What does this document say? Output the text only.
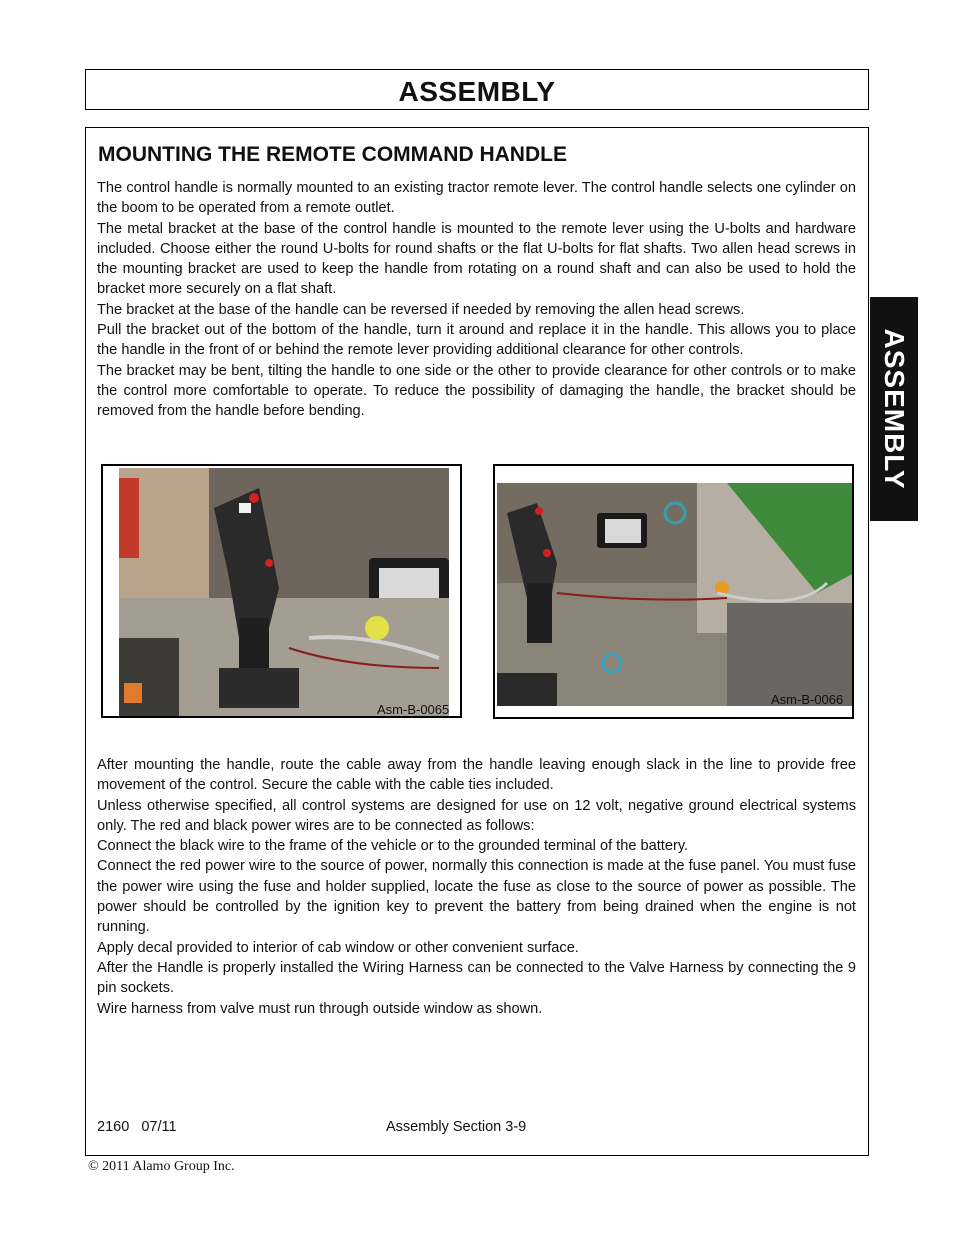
ASSEMBLY
ASSEMBLY
MOUNTING THE REMOTE COMMAND HANDLE

The control handle is normally mounted to an existing tractor remote lever. The control handle selects one cylinder on the boom to be operated from a remote outlet.

The metal bracket at the base of the control handle is mounted to the remote lever using the U-bolts and hardware included. Choose either the round U-bolts for round shafts or the flat U-bolts for flat shafts. Two allen head screws in the mounting bracket are used to keep the handle from rotating on a round shaft and can also be used to hold the bracket more securely on a flat shaft.

The bracket at the base of the handle can be reversed if needed by removing the allen head screws.

Pull the bracket out of the bottom of the handle, turn it around and replace it in the handle. This allows you to place the handle in the front of or behind the remote lever providing additional clearance for other controls.

The bracket may be bent, tilting the handle to one side or the other to provide clearance for other controls or to make the control more comfortable to operate. To reduce the possibility of damaging the handle, the bracket should be removed from the handle before bending.

Asm-B-0065
Asm-B-0066

After mounting the handle, route the cable away from the handle leaving enough slack in the line to provide free movement of the control. Secure the cable with the cable ties included.

Unless otherwise specified, all control systems are designed for use on 12 volt, negative ground electrical systems only. The red and black power wires are to be connected as follows:

Connect the black wire to the frame of the vehicle or to the grounded terminal of the battery.

Connect the red power wire to the source of power, normally this connection is made at the fuse panel. You must fuse the power wire using the fuse and holder supplied, locate the fuse as close to the source of power as possible. The power should be controlled by the ignition key to prevent the battery from being drained when the engine is not running.

Apply decal provided to interior of cab window or other convenient surface.

After the Handle is properly installed the Wiring Harness can be connected to the Valve Harness by connecting the 9 pin sockets.

Wire harness from valve must run through outside window as shown.

2160   07/11	Assembly Section 3-9
© 2011 Alamo Group Inc.
